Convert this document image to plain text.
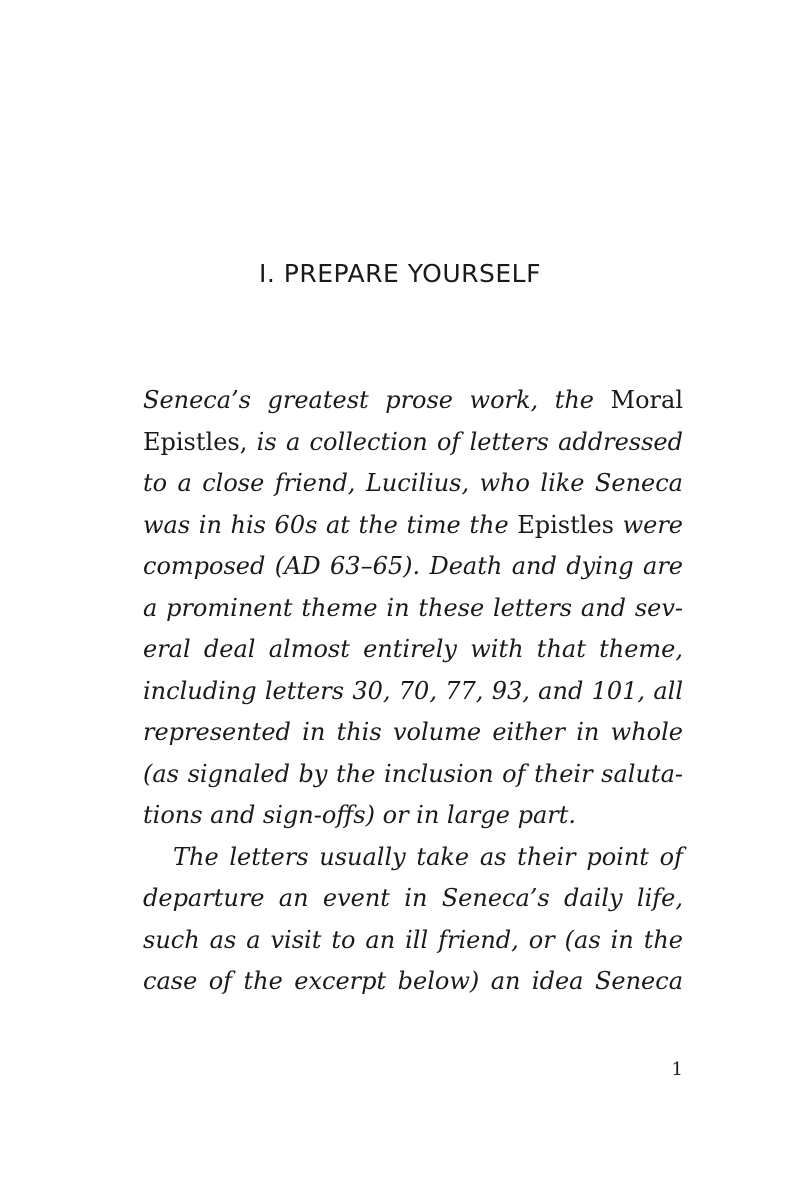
I. PREPARE YOURSELF
Seneca’s greatest prose work, the Moral
Epistles, is a collection of letters addressed
to a close friend, Lucilius, who like Seneca
was in his 60s at the time the Epistles were
composed (AD 63–65). Death and dying are
a prominent theme in these letters and sev-
eral deal almost entirely with that theme,
including letters 30, 70, 77, 93, and 101, all
represented in this volume either in whole
(as signaled by the inclusion of their saluta-
tions and sign-offs) or in large part.
The letters usually take as their point of
departure an event in Seneca’s daily life,
such as a visit to an ill friend, or (as in the
case of the excerpt below) an idea Seneca
1
